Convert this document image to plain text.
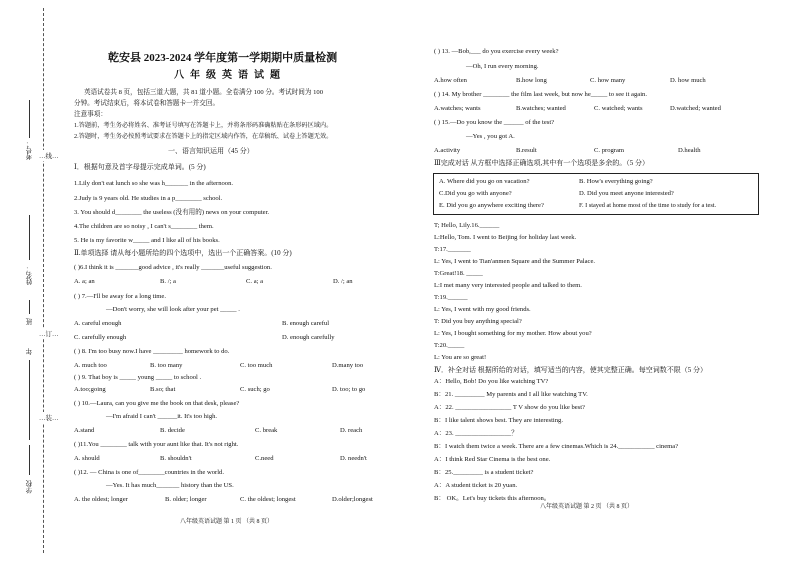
考号：
姓名：
班
年
学校
…线…
…订…
…装…
乾安县 2023-2024 学年度第一学期期中质量检测
八年级英语试题
英语试卷共 8 页，包括三道大题，共 81 道小题。全卷满分 100 分。考试时间为 100
分钟。考试结束后，将本试卷和答题卡一并交回。
注意事项：
1.答题前，考生务必将姓名、准考证号填写在答题卡上，并将条形码准确粘贴在条形码区域内。
2.答题时，考生务必按照考试要求在答题卡上的指定区域内作答，在草稿纸、试卷上答题无效。
一、语言知识运用（45 分）
Ⅰ．根据句意及首字母提示完成单词。(5 分)
1.Lily don't eat lunch so she was h_______ in the afternoon.
2.Judy is 9 years old. He studies in a p________ school.
3. You should d________ the useless (没有用的) news on your computer.
4.The children are so noisy , I can't s________ them.
5. He is my favorite w_____ and I like all of his books.
Ⅱ.单项选择 请从每小题所给的四个选项中，选出一个正确答案。(10 分)
( )6.I think it is _______good advice , it's really _______useful suggestion.
A. a; an	B. /; a	C. a; a	D. /; an
( ) 7.—I'll be away for a long time.
—Don't worry, she will look after your pet _____ .
A. careful enough	B. enough careful
C. carefully enough	D. enough carefully
( ) 8. I'm too busy now.I have _________ homework to do.
A. much too	B. too many	C. too much	D.many too
( ) 9. That boy is _____ young _____ to school .
A.too;going	B.so; that	C. such; go	D. too; to go
( ) 10.—Laura, can you give me the book on that desk, please?
—I'm afraid I can't ______it. It's too high.
A.stand	B. decide	C. break	D. reach
( )11.You ________ talk with your aunt like that. It's not right.
A. should	B. shouldn't	C.need	D. needn't
( )12. — China is one of________countries in the world.
—Yes. It has much_______ history than the US.
A. the oldest; longer	B. older; longer	C. the oldest; longest	D.older;longest
八年级英语试题 第 1 页 （共 8 页）
( ) 13. —Bob,___ do you exercise every week?
—Oh, I run every morning.
A.how often	B.how long	C. how many	D. how much
( ) 14. My brother ________ the film last week, but now he_____ to see it again.
A.watches; wants	B.watches; wanted	C. watched; wants	D.watched; wanted
( ) 15.—Do you know the ______ of the test?
—Yes , you got A.
A.activity	B.result	C. program	D.health
Ⅲ完成对话 从方框中选择正确选项,其中有一个选项是多余的。（5 分）
A. Where did you go on vacation?	B. How's everything going?
C.Did you go with anyone?	D. Did you meet anyone interested?
E. Did you go anywhere exciting there?	F. I stayed at home most of the time to study for a test.
T; Hello, Lily.16.______
L:Hello, Tom. I went to Beijing for holiday last week.
T:17._______
L: Yes, I went to Tian'anmen Square and the Summer Palace.
T:Great!18. _____
L:I met many very interested people and talked to them.
T:19.______
L: Yes, I went with my good friends.
T: Did you buy anything special?
L: Yes, I bought something for my mother. How about you?
T:20._____
L: You are so great!
Ⅳ．补全对话 根据所给的对话，填写适当的内容，使其完整正确。每空词数不限（5 分）
A：Hello, Bob! Do you like watching TV?
B：21. _________ My parents and I all like watching TV.
A：22. _________________ T V show do you like best?
B：I like talent shows best. They are interesting.
A：23. _________________？
B：I watch them twice a week. There are a few cinemas.Which is 24.___________ cinema?
A：I think Red Star Cinema is the best one.
B：25._________ is a student ticket?
A：A student ticket is 20 yuan.
B： OK。Let's buy tickets this afternoon。
八年级英语试题 第 2 页 （共 8 页）
